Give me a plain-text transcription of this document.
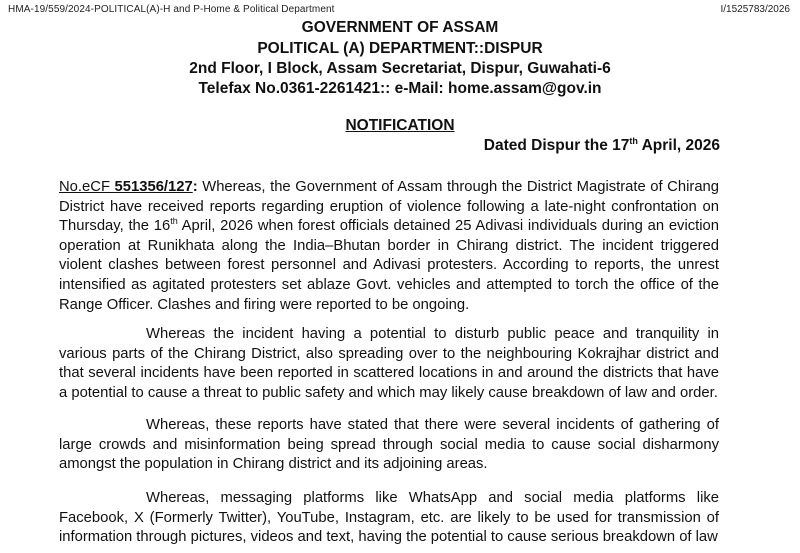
HMA-19/559/2024-POLITICAL(A)-H and P-Home & Political Department	I/1525783/2026
GOVERNMENT OF ASSAM
POLITICAL (A) DEPARTMENT::DISPUR
2nd Floor, I Block, Assam Secretariat, Dispur, Guwahati-6
Telefax No.0361-2261421:: e-Mail: home.assam@gov.in
NOTIFICATION
Dated Dispur the 17th April, 2026
No.eCF 551356/127: Whereas, the Government of Assam through the District Magistrate of Chirang District have received reports regarding eruption of violence following a late-night confrontation on Thursday, the 16th April, 2026 when forest officials detained 25 Adivasi individuals during an eviction operation at Runikhata along the India–Bhutan border in Chirang district. The incident triggered violent clashes between forest personnel and Adivasi protesters. According to reports, the unrest intensified as agitated protesters set ablaze Govt. vehicles and attempted to torch the office of the Range Officer. Clashes and firing were reported to be ongoing.
Whereas the incident having a potential to disturb public peace and tranquility in various parts of the Chirang District, also spreading over to the neighbouring Kokrajhar district and that several incidents have been reported in scattered locations in and around the districts that have a potential to cause a threat to public safety and which may likely cause breakdown of law and order.
Whereas, these reports have stated that there were several incidents of gathering of large crowds and misinformation being spread through social media to cause social disharmony amongst the population in Chirang district and its adjoining areas.
Whereas, messaging platforms like WhatsApp and social media platforms like Facebook, X (Formerly Twitter), YouTube, Instagram, etc. are likely to be used for transmission of information through pictures, videos and text, having the potential to cause serious breakdown of law
